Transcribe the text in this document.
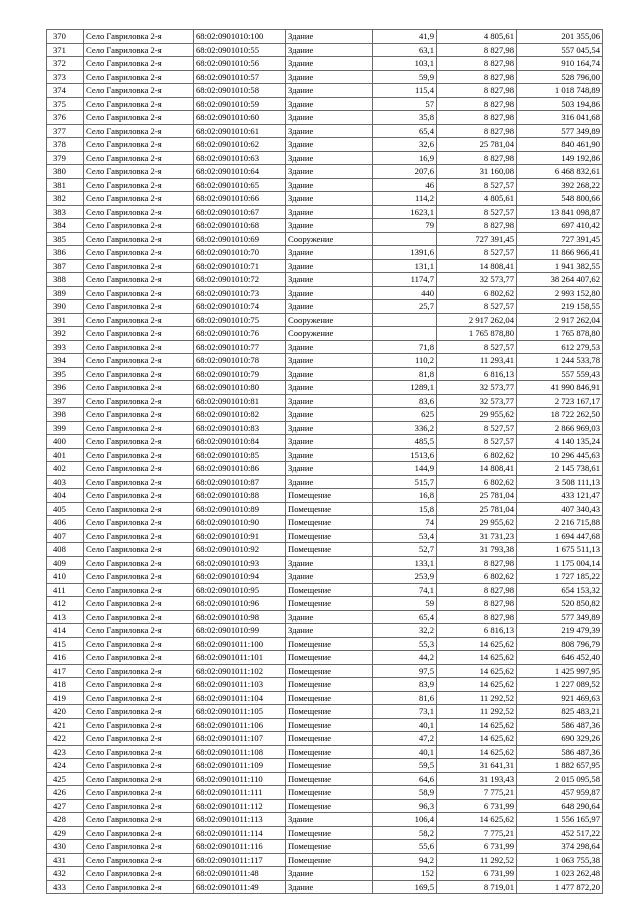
370	Село Гавриловка 2-я	68:02:0901010:100	Здание	41,9	4 805,61	201 355,06
371	Село Гавриловка 2-я	68:02:0901010:55	Здание	63,1	8 827,98	557 045,54
372	Село Гавриловка 2-я	68:02:0901010:56	Здание	103,1	8 827,98	910 164,74
373	Село Гавриловка 2-я	68:02:0901010:57	Здание	59,9	8 827,98	528 796,00
374	Село Гавриловка 2-я	68:02:0901010:58	Здание	115,4	8 827,98	1 018 748,89
375	Село Гавриловка 2-я	68:02:0901010:59	Здание	57	8 827,98	503 194,86
376	Село Гавриловка 2-я	68:02:0901010:60	Здание	35,8	8 827,98	316 041,68
377	Село Гавриловка 2-я	68:02:0901010:61	Здание	65,4	8 827,98	577 349,89
378	Село Гавриловка 2-я	68:02:0901010:62	Здание	32,6	25 781,04	840 461,90
379	Село Гавриловка 2-я	68:02:0901010:63	Здание	16,9	8 827,98	149 192,86
380	Село Гавриловка 2-я	68:02:0901010:64	Здание	207,6	31 160,08	6 468 832,61
381	Село Гавриловка 2-я	68:02:0901010:65	Здание	46	8 527,57	392 268,22
382	Село Гавриловка 2-я	68:02:0901010:66	Здание	114,2	4 805,61	548 800,66
383	Село Гавриловка 2-я	68:02:0901010:67	Здание	1623,1	8 527,57	13 841 098,87
384	Село Гавриловка 2-я	68:02:0901010:68	Здание	79	8 827,98	697 410,42
385	Село Гавриловка 2-я	68:02:0901010:69	Сооружение		727 391,45	727 391,45
386	Село Гавриловка 2-я	68:02:0901010:70	Здание	1391,6	8 527,57	11 866 966,41
387	Село Гавриловка 2-я	68:02:0901010:71	Здание	131,1	14 808,41	1 941 382,55
388	Село Гавриловка 2-я	68:02:0901010:72	Здание	1174,7	32 573,77	38 264 407,62
389	Село Гавриловка 2-я	68:02:0901010:73	Здание	440	6 802,62	2 993 152,80
390	Село Гавриловка 2-я	68:02:0901010:74	Здание	25,7	8 527,57	219 158,55
391	Село Гавриловка 2-я	68:02:0901010:75	Сооружение		2 917 262,04	2 917 262,04
392	Село Гавриловка 2-я	68:02:0901010:76	Сооружение		1 765 878,80	1 765 878,80
393	Село Гавриловка 2-я	68:02:0901010:77	Здание	71,8	8 527,57	612 279,53
394	Село Гавриловка 2-я	68:02:0901010:78	Здание	110,2	11 293,41	1 244 533,78
395	Село Гавриловка 2-я	68:02:0901010:79	Здание	81,8	6 816,13	557 559,43
396	Село Гавриловка 2-я	68:02:0901010:80	Здание	1289,1	32 573,77	41 990 846,91
397	Село Гавриловка 2-я	68:02:0901010:81	Здание	83,6	32 573,77	2 723 167,17
398	Село Гавриловка 2-я	68:02:0901010:82	Здание	625	29 955,62	18 722 262,50
399	Село Гавриловка 2-я	68:02:0901010:83	Здание	336,2	8 527,57	2 866 969,03
400	Село Гавриловка 2-я	68:02:0901010:84	Здание	485,5	8 527,57	4 140 135,24
401	Село Гавриловка 2-я	68:02:0901010:85	Здание	1513,6	6 802,62	10 296 445,63
402	Село Гавриловка 2-я	68:02:0901010:86	Здание	144,9	14 808,41	2 145 738,61
403	Село Гавриловка 2-я	68:02:0901010:87	Здание	515,7	6 802,62	3 508 111,13
404	Село Гавриловка 2-я	68:02:0901010:88	Помещение	16,8	25 781,04	433 121,47
405	Село Гавриловка 2-я	68:02:0901010:89	Помещение	15,8	25 781,04	407 340,43
406	Село Гавриловка 2-я	68:02:0901010:90	Помещение	74	29 955,62	2 216 715,88
407	Село Гавриловка 2-я	68:02:0901010:91	Помещение	53,4	31 731,23	1 694 447,68
408	Село Гавриловка 2-я	68:02:0901010:92	Помещение	52,7	31 793,38	1 675 511,13
409	Село Гавриловка 2-я	68:02:0901010:93	Здание	133,1	8 827,98	1 175 004,14
410	Село Гавриловка 2-я	68:02:0901010:94	Здание	253,9	6 802,62	1 727 185,22
411	Село Гавриловка 2-я	68:02:0901010:95	Помещение	74,1	8 827,98	654 153,32
412	Село Гавриловка 2-я	68:02:0901010:96	Помещение	59	8 827,98	520 850,82
413	Село Гавриловка 2-я	68:02:0901010:98	Здание	65,4	8 827,98	577 349,89
414	Село Гавриловка 2-я	68:02:0901010:99	Здание	32,2	6 816,13	219 479,39
415	Село Гавриловка 2-я	68:02:0901011:100	Помещение	55,3	14 625,62	808 796,79
416	Село Гавриловка 2-я	68:02:0901011:101	Помещение	44,2	14 625,62	646 452,40
417	Село Гавриловка 2-я	68:02:0901011:102	Помещение	97,5	14 625,62	1 425 997,95
418	Село Гавриловка 2-я	68:02:0901011:103	Помещение	83,9	14 625,62	1 227 089,52
419	Село Гавриловка 2-я	68:02:0901011:104	Помещение	81,6	11 292,52	921 469,63
420	Село Гавриловка 2-я	68:02:0901011:105	Помещение	73,1	11 292,52	825 483,21
421	Село Гавриловка 2-я	68:02:0901011:106	Помещение	40,1	14 625,62	586 487,36
422	Село Гавриловка 2-я	68:02:0901011:107	Помещение	47,2	14 625,62	690 329,26
423	Село Гавриловка 2-я	68:02:0901011:108	Помещение	40,1	14 625,62	586 487,36
424	Село Гавриловка 2-я	68:02:0901011:109	Помещение	59,5	31 641,31	1 882 657,95
425	Село Гавриловка 2-я	68:02:0901011:110	Помещение	64,6	31 193,43	2 015 095,58
426	Село Гавриловка 2-я	68:02:0901011:111	Помещение	58,9	7 775,21	457 959,87
427	Село Гавриловка 2-я	68:02:0901011:112	Помещение	96,3	6 731,99	648 290,64
428	Село Гавриловка 2-я	68:02:0901011:113	Здание	106,4	14 625,62	1 556 165,97
429	Село Гавриловка 2-я	68:02:0901011:114	Помещение	58,2	7 775,21	452 517,22
430	Село Гавриловка 2-я	68:02:0901011:116	Помещение	55,6	6 731,99	374 298,64
431	Село Гавриловка 2-я	68:02:0901011:117	Помещение	94,2	11 292,52	1 063 755,38
432	Село Гавриловка 2-я	68:02:0901011:48	Здание	152	6 731,99	1 023 262,48
433	Село Гавриловка 2-я	68:02:0901011:49	Здание	169,5	8 719,01	1 477 872,20
